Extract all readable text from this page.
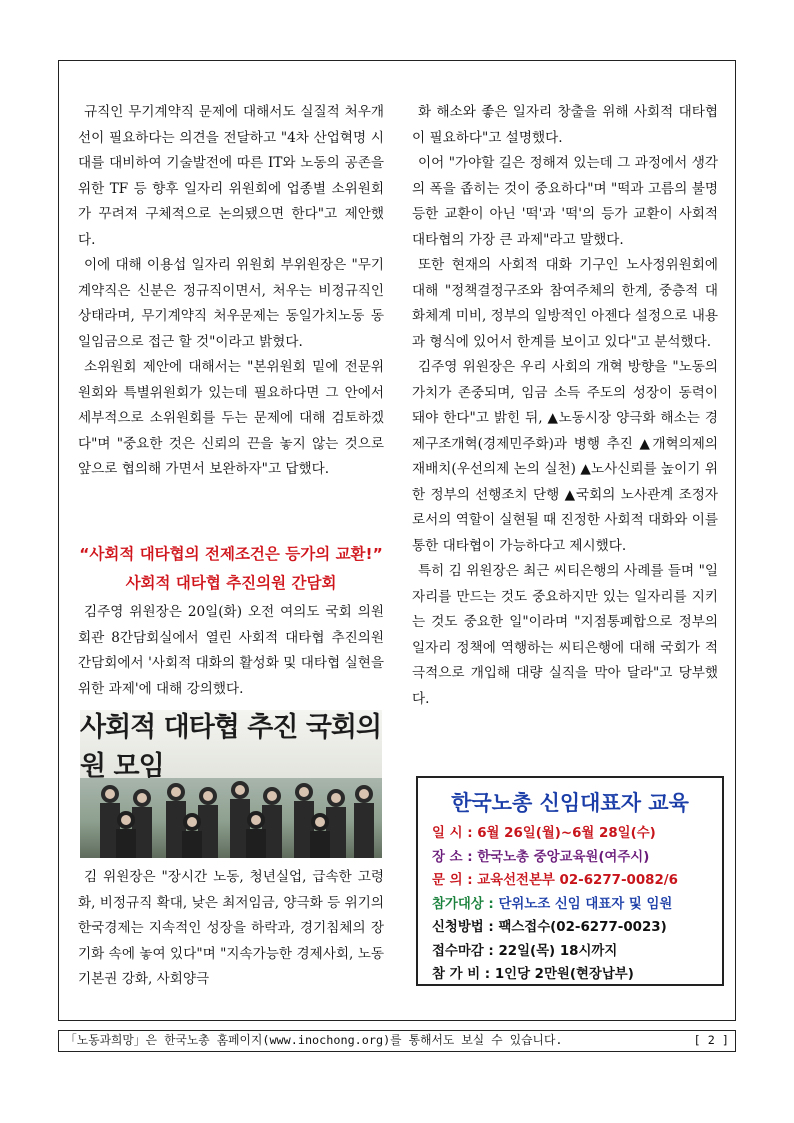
규직인 무기계약직 문제에 대해서도 실질적 처우개선이 필요하다는 의견을 전달하고 "4차 산업혁명 시대를 대비하여 기술발전에 따른 IT와 노동의 공존을 위한 TF 등 향후 일자리 위원회에 업종별 소위원회가 꾸려져 구체적으로 논의됐으면 한다"고 제안했다.

이에 대해 이용섭 일자리 위원회 부위원장은 "무기계약직은 신분은 정규직이면서, 처우는 비정규직인 상태라며, 무기계약직 처우문제는 동일가치노동 동일임금으로 접근 할 것"이라고 밝혔다.

소위원회 제안에 대해서는 "본위원회 밑에 전문위원회와 특별위원회가 있는데 필요하다면 그 안에서 세부적으로 소위원회를 두는 문제에 대해 검토하겠다"며 "중요한 것은 신뢰의 끈을 놓지 않는 것으로 앞으로 협의해 가면서 보완하자"고 답했다.

“사회적 대타협의 전제조건은 등가의 교환!”
사회적 대타협 추진의원 간담회

김주영 위원장은 20일(화) 오전 여의도 국회 의원회관 8간담회실에서 열린 사회적 대타협 추진의원 간담회에서 '사회적 대화의 활성화 및 대타협 실현을 위한 과제'에 대해 강의했다.

사회적 대타협 추진 국회의원 모임

김 위원장은 "장시간 노동, 청년실업, 급속한 고령화, 비정규직 확대, 낮은 최저임금, 양극화 등 위기의 한국경제는 지속적인 성장을 하락과, 경기침체의 장기화 속에 놓여 있다"며 "지속가능한 경제사회, 노동기본권 강화, 사회양극

화 해소와 좋은 일자리 창출을 위해 사회적 대타협이 필요하다"고 설명했다.

이어 "가야할 길은 정해져 있는데 그 과정에서 생각의 폭을 좁히는 것이 중요하다"며 "떡과 고름의 불명등한 교환이 아닌 '떡'과 '떡'의 등가 교환이 사회적 대타협의 가장 큰 과제"라고 말했다.

또한 현재의 사회적 대화 기구인 노사정위원회에 대해 "정책결정구조와 참여주체의 한계, 중층적 대화체계 미비, 정부의 일방적인 아젠다 설정으로 내용과 형식에 있어서 한계를 보이고 있다"고 분석했다.

김주영 위원장은 우리 사회의 개혁 방향을 "노동의 가치가 존중되며, 임금 소득 주도의 성장이 동력이 돼야 한다"고 밝힌 뒤, ▲노동시장 양극화 해소는 경제구조개혁(경제민주화)과 병행 추진 ▲개혁의제의 재배치(우선의제 논의 실천) ▲노사신뢰를 높이기 위한 정부의 선행조치 단행 ▲국회의 노사관계 조정자로서의 역할이 실현될 때 진정한 사회적 대화와 이를 통한 대타협이 가능하다고 제시했다.

특히 김 위원장은 최근 씨티은행의 사례를 들며 "일자리를 만드는 것도 중요하지만 있는 일자리를 지키는 것도 중요한 일"이라며 "지점통폐합으로 정부의 일자리 정책에 역행하는 씨티은행에 대해 국회가 적극적으로 개입해 대량 실직을 막아 달라"고 당부했다.

한국노총 신임대표자 교육
일 시 : 6월 26일(월)~6월 28일(수)
장 소 : 한국노총 중앙교육원(여주시)
문 의 : 교육선전본부 02-6277-0082/6
참가대상 : 단위노조 신임 대표자 및 임원
신청방법 : 팩스접수(02-6277-0023)
접수마감 : 22일(목) 18시까지
참 가 비 : 1인당 2만원(현장납부)
「노동과희망」은 한국노총 홈페이지(www.inochong.org)를 통해서도 보실 수 있습니다.	[ 2 ]
